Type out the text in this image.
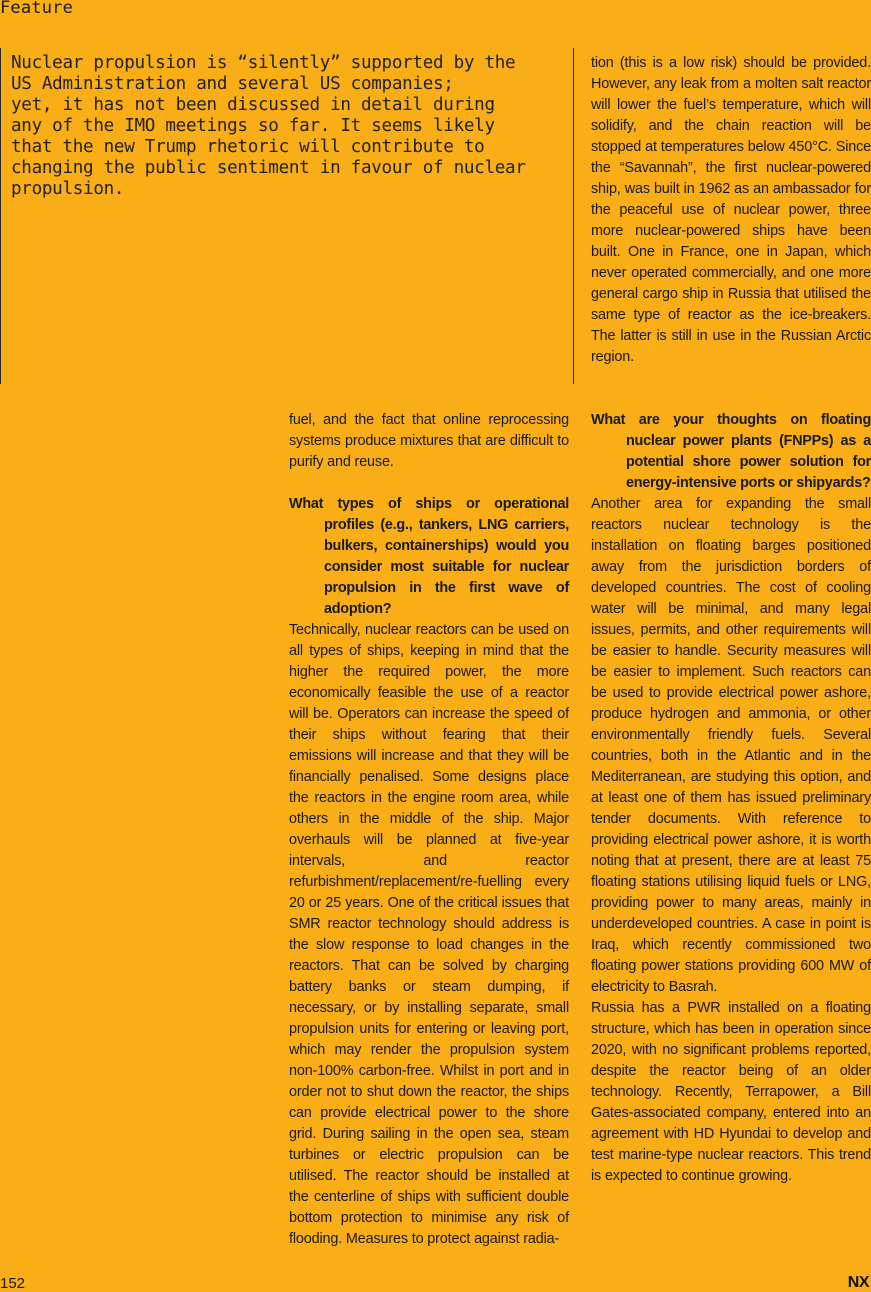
Feature

Nuclear propulsion is “silently” supported by the
US Administration and several US companies;
yet, it has not been discussed in detail during
any of the IMO meetings so far. It seems likely
that the new Trump rhetoric will contribute to
changing the public sentiment in favour of nuclear
propulsion.

tion (this is a low risk) should be provided. However, any leak from a molten salt reactor will lower the fuel’s temperature, which will solidify, and the chain reaction will be stopped at temperatures below 450°C. Since the “Savannah”, the first nuclear-powered ship, was built in 1962 as an ambassador for the peaceful use of nuclear power, three more nuclear-powered ships have been built. One in France, one in Japan, which never operated commercially, and one more general cargo ship in Russia that utilised the same type of reactor as the ice-breakers. The latter is still in use in the Russian Arctic region.

fuel, and the fact that online reprocessing systems produce mixtures that are difficult to purify and reuse.

What types of ships or operational profiles (e.g., tankers, LNG carriers, bulkers, containerships) would you consider most suitable for nuclear propulsion in the first wave of adoption?

Technically, nuclear reactors can be used on all types of ships, keeping in mind that the higher the required power, the more economically feasible the use of a reactor will be. Operators can increase the speed of their ships without fearing that their emissions will increase and that they will be financially penalised. Some designs place the reactors in the engine room area, while others in the middle of the ship. Major overhauls will be planned at five-year intervals, and reactor refurbishment/replacement/re-fuelling every 20 or 25 years. One of the critical issues that SMR reactor technology should address is the slow response to load changes in the reactors. That can be solved by charging battery banks or steam dumping, if necessary, or by installing separate, small propulsion units for entering or leaving port, which may render the propulsion system non-100% carbon-free. Whilst in port and in order not to shut down the reactor, the ships can provide electrical power to the shore grid. During sailing in the open sea, steam turbines or electric propulsion can be utilised. The reactor should be installed at the centerline of ships with sufficient double bottom protection to minimise any risk of flooding. Measures to protect against radia-

What are your thoughts on floating nuclear power plants (FNPPs) as a potential shore power solution for energy-intensive ports or shipyards?

Another area for expanding the small reactors nuclear technology is the installation on floating barges positioned away from the jurisdiction borders of developed countries. The cost of cooling water will be minimal, and many legal issues, permits, and other requirements will be easier to handle. Security measures will be easier to implement. Such reactors can be used to provide electrical power ashore, produce hydrogen and ammonia, or other environmentally friendly fuels. Several countries, both in the Atlantic and in the Mediterranean, are studying this option, and at least one of them has issued preliminary tender documents. With reference to providing electrical power ashore, it is worth noting that at present, there are at least 75 floating stations utilising liquid fuels or LNG, providing power to many areas, mainly in underdeveloped countries. A case in point is Iraq, which recently commissioned two floating power stations providing 600 MW of electricity to Basrah.

Russia has a PWR installed on a floating structure, which has been in operation since 2020, with no significant problems reported, despite the reactor being of an older technology. Recently, Terrapower, a Bill Gates-associated company, entered into an agreement with HD Hyundai to develop and test marine-type nuclear reactors. This trend is expected to continue growing.

152	NX
